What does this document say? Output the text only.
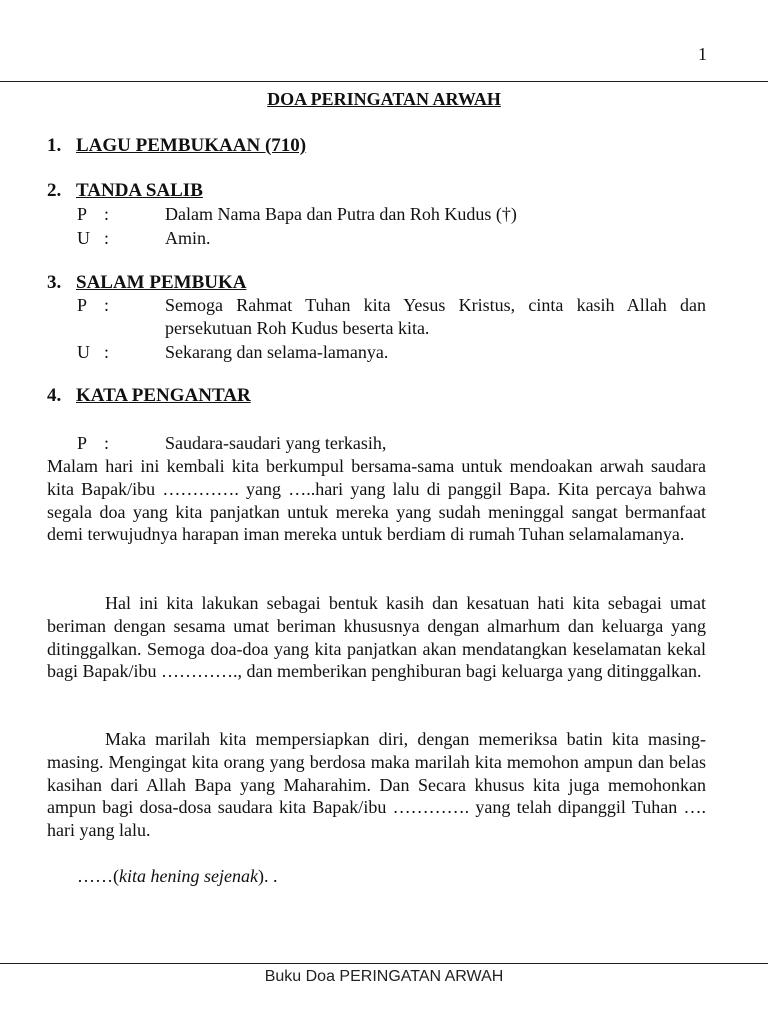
1
DOA PERINGATAN ARWAH
1. LAGU PEMBUKAAN (710)
2. TANDA SALIB
P :	Dalam Nama Bapa dan Putra dan Roh Kudus (†)
U :	Amin.
3. SALAM PEMBUKA
P :	Semoga Rahmat Tuhan kita Yesus Kristus, cinta kasih Allah dan persekutuan Roh Kudus beserta kita.
U :	Sekarang dan selama-lamanya.
4. KATA PENGANTAR
P :	Saudara-saudari yang terkasih,
Malam hari ini kembali kita berkumpul bersama-sama untuk mendoakan arwah saudara kita Bapak/ibu …………. yang …..hari yang lalu di panggil Bapa. Kita percaya bahwa segala doa yang kita panjatkan untuk mereka yang sudah meninggal sangat bermanfaat demi terwujudnya harapan iman mereka untuk berdiam di rumah Tuhan selamalamanya.
Hal ini kita lakukan sebagai bentuk kasih dan kesatuan hati kita sebagai umat beriman dengan sesama umat beriman khususnya dengan almarhum dan keluarga yang ditinggalkan. Semoga doa-doa yang kita panjatkan akan mendatangkan keselamatan kekal bagi Bapak/ibu …………., dan memberikan penghiburan bagi keluarga yang ditinggalkan.
Maka marilah kita mempersiapkan diri, dengan memeriksa batin kita masing-masing. Mengingat kita orang yang berdosa maka marilah kita memohon ampun dan belas kasihan dari Allah Bapa yang Maharahim. Dan Secara khusus kita juga memohonkan ampun bagi dosa-dosa saudara kita Bapak/ibu …………. yang telah dipanggil Tuhan …. hari yang lalu.
……(kita hening sejenak). .
Buku Doa PERINGATAN ARWAH
